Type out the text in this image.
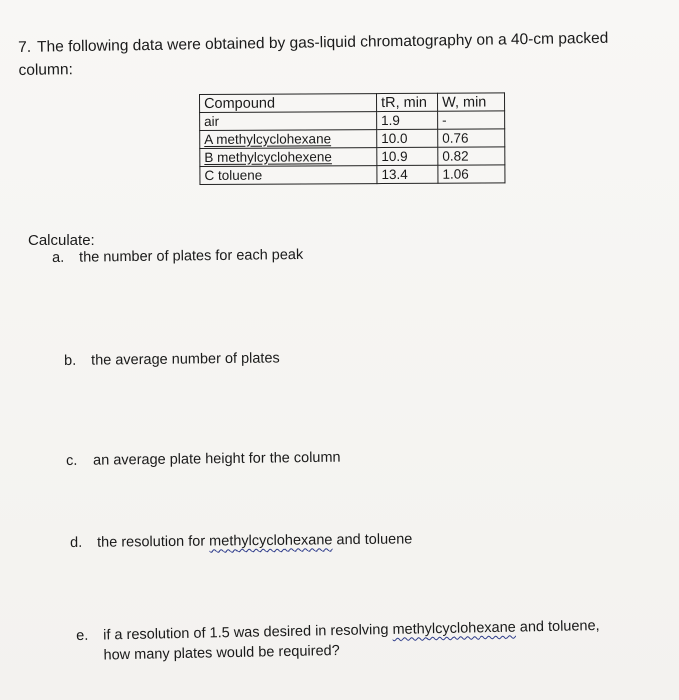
7. The following data were obtained by gas-liquid chromatography on a 40-cm packed
column:
Compound	tR, min	W, min
air	1.9	-
A methylcyclohexane	10.0	0.76
B methylcyclohexene	10.9	0.82
C toluene	13.4	1.06
Calculate:
a. the number of plates for each peak
b. the average number of plates
c. an average plate height for the column
d. the resolution for methylcyclohexane and toluene
e. if a resolution of 1.5 was desired in resolving methylcyclohexane and toluene,
how many plates would be required?
